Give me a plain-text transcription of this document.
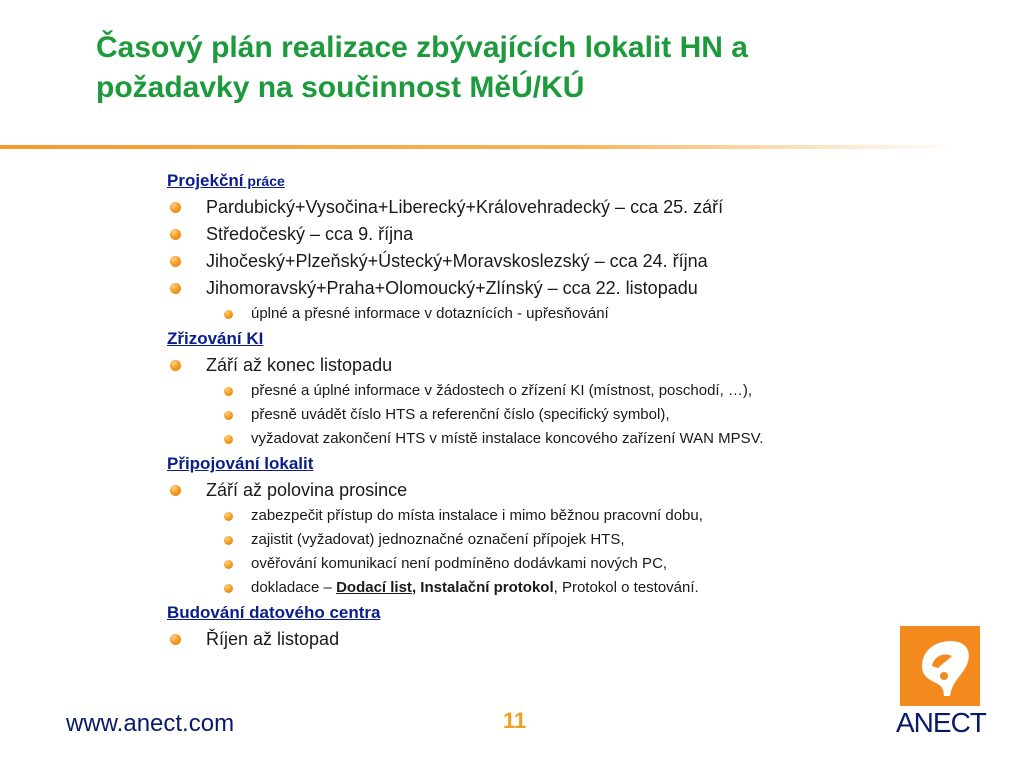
Časový plán realizace zbývajících lokalit HN a
požadavky na součinnost MěÚ/KÚ
Projekční práce
Pardubický+Vysočina+Liberecký+Královehradecký – cca 25. září
Středočeský – cca 9. října
Jihočeský+Plzeňský+Ústecký+Moravskoslezský – cca 24. října
Jihomoravský+Praha+Olomoucký+Zlínský – cca 22. listopadu
úplné a přesné informace v dotaznících - upřesňování
Zřizování KI
Září až konec listopadu
přesné a úplné informace v žádostech o zřízení KI (místnost, poschodí, …),
přesně uvádět číslo HTS a referenční číslo (specifický symbol),
vyžadovat zakončení HTS v místě instalace koncového zařízení WAN MPSV.
Připojování lokalit
Září až polovina prosince
zabezpečit přístup do místa instalace i mimo běžnou pracovní dobu,
zajistit (vyžadovat) jednoznačné označení přípojek HTS,
ověřování komunikací není podmíněno dodávkami nových PC,
dokladace – Dodací list, Instalační protokol, Protokol o testování.
Budování datového centra
Říjen až listopad
www.anect.com	11	ANECT
